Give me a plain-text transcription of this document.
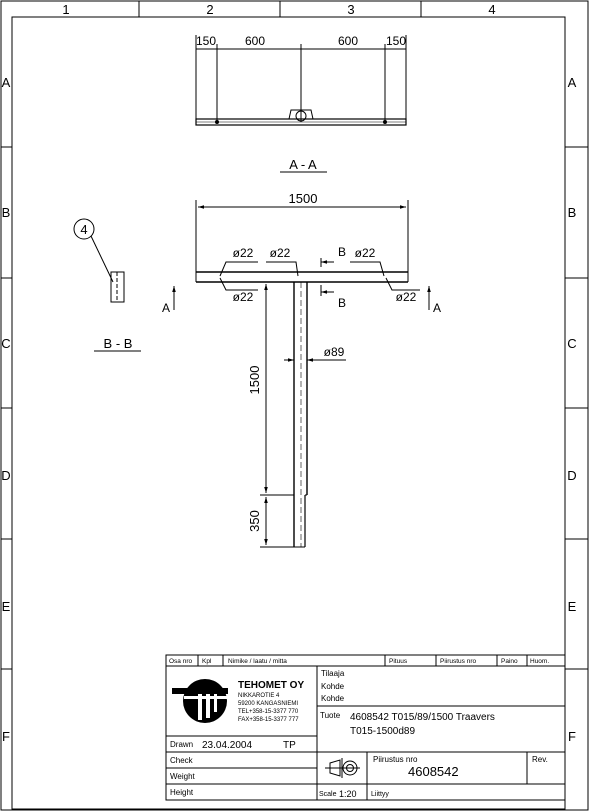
1	2	3	4
A
B
C
D
E
F
A
B
C
D
E
F
150 600	600 150
A - A
1500
ø22 ø22	ø22
ø22	ø22
B
B
A	A
ø89
1500
350
4
B - B
Osa nro Kpl	Nimike / laatu / mitta	Pituus	Piirustus nro	Paino Huom.
TEHOMET OY
NIKKAROTIE 4
59200 KANGASNIEMI
TEL+358-15-3377 770
FAX+358-15-3377 777
Tilaaja
Kohde
Kohde
Tuote 4608542 T015/89/1500 Traavers
T015-1500d89
Drawn 23.04.2004	TP
Check
Weight
Height
Piirustus nro
4608542
Rev.
Scale 1:20 Liittyy
